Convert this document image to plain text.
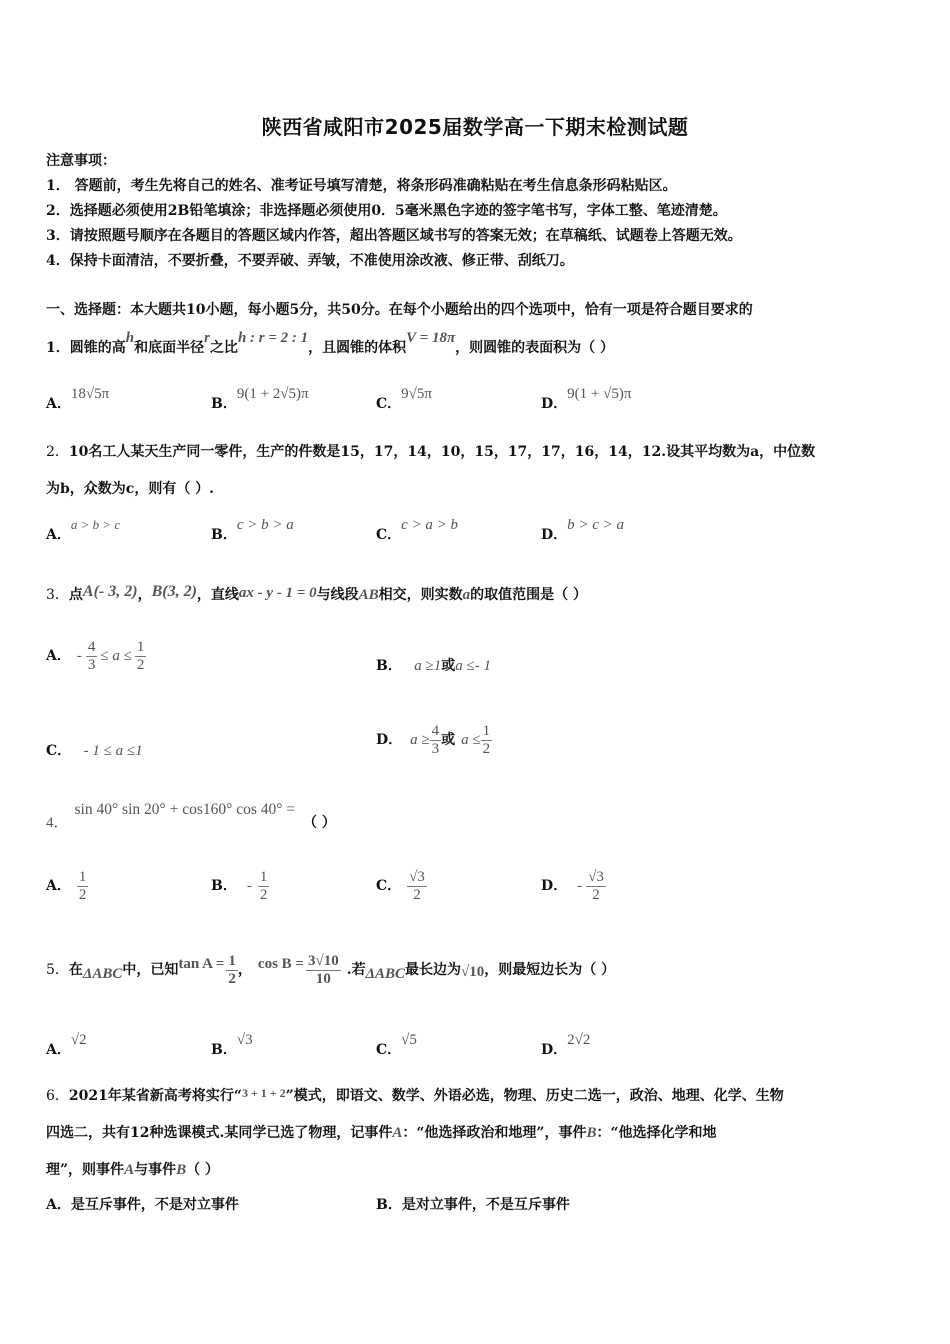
陕西省咸阳市2025届数学高一下期末检测试题
注意事项：
1． 答题前，考生先将自己的姓名、准考证号填写清楚，将条形码准确粘贴在考生信息条形码粘贴区。
2．选择题必须使用2B铅笔填涂；非选择题必须使用0．5毫米黑色字迹的签字笔书写，字体工整、笔迹清楚。
3．请按照题号顺序在各题目的答题区域内作答，超出答题区域书写的答案无效；在草稿纸、试题卷上答题无效。
4．保持卡面清洁，不要折叠，不要弄破、弄皱，不准使用涂改液、修正带、刮纸刀。
一、选择题：本大题共10小题，每小题5分，共50分。在每个小题给出的四个选项中，恰有一项是符合题目要求的
1．圆锥的高h和底面半径r之比h : r = 2 : 1，且圆锥的体积V = 18π，则圆锥的表面积为（ ）
A．18√5π
B．9(1 + 2√5)π
C．9√5π
D．9(1 + √5)π
2．10名工人某天生产同一零件，生产的件数是15，17，14，10，15，17，17，16，14，12.设其平均数为a，中位数
为b，众数为c，则有（ ）.
A．a > b > c
B．c > b > a
C．c > a > b
D．b > c > a
3．点A(- 3, 2)，B(3, 2)，直线ax - y - 1 = 0与线段AB相交，则实数a的取值范围是（ ）
A． - $\frac{4}{3} \le a \le \frac{1}{2}$	B． a ≥1或a ≤- 1
C． - 1 ≤ a ≤1
D． $a \ge \frac{4}{3}$ 或 $a \le \frac{1}{2}$
4．sin 40° sin 20° + cos160° cos 40° =（ ）
A． $\frac{1}{2}$	B． - $\frac{1}{2}$	C． $\frac{√3}{2}$	D． - $\frac{√3}{2}$
5． 在 ΔABC 中，已知 $\tan A = \frac{1}{2}$ ， $\cos B = \frac{3√10}{10}$ .若 ΔABC 最长边为 √10 ，则最短边长为（ ）
A．√2
B．√3
C．√5
D．2√2
6．2021年某省新高考将实行“3 + 1 + 2”模式，即语文、数学、外语必选，物理、历史二选一，政治、地理、化学、生物
四选二，共有12种选课模式.某同学已选了物理，记事件A：“他选择政治和地理”，事件B：“他选择化学和地
理”，则事件A与事件B（ ）
A．是互斥事件，不是对立事件	B．是对立事件，不是互斥事件
